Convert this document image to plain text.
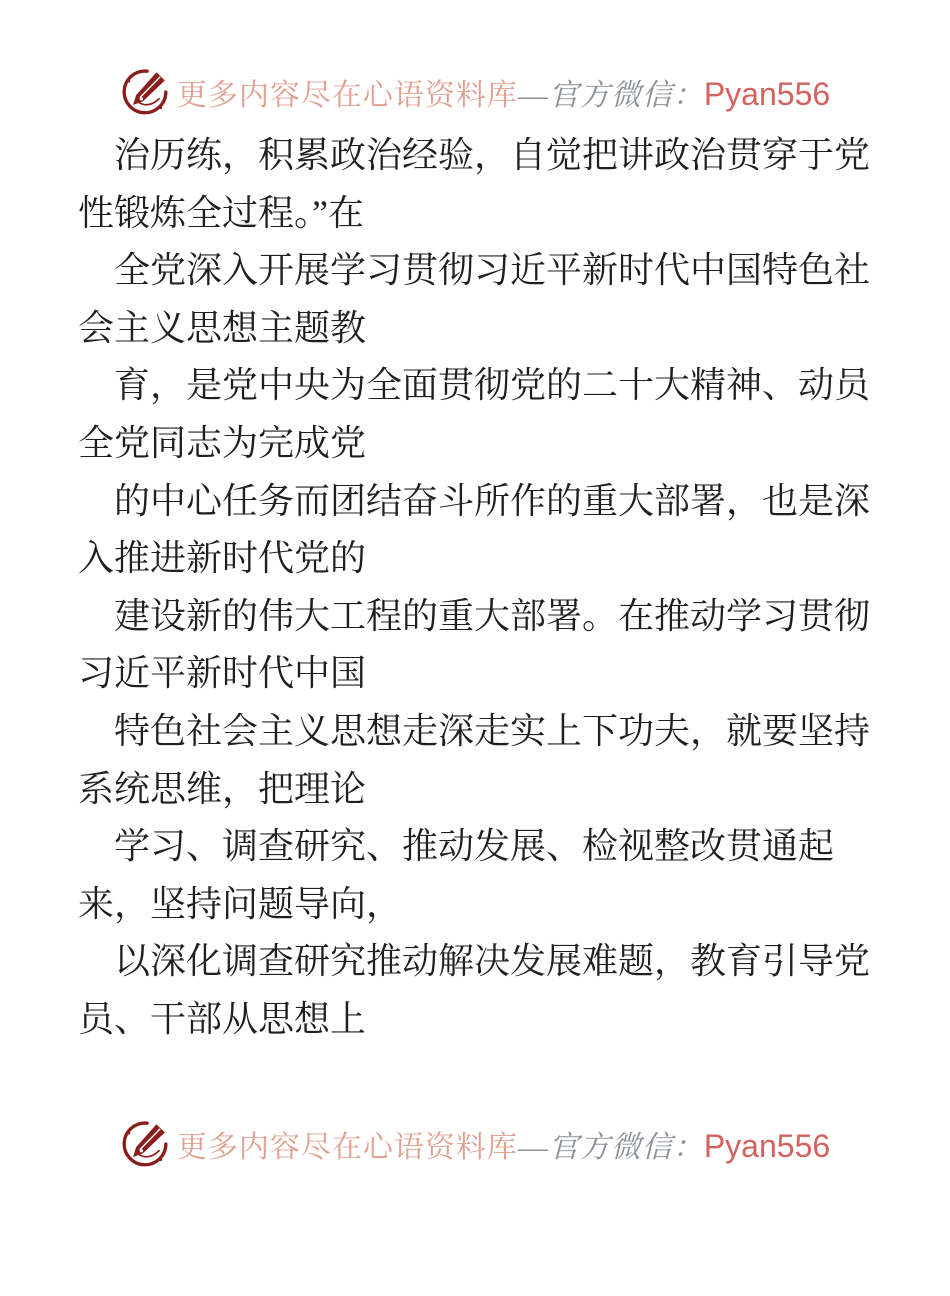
更多内容尽在心语资料库—官方微信：Pyan556
治历练，积累政治经验，自觉把讲政治贯穿于党
性锻炼全过程。”在
全党深入开展学习贯彻习近平新时代中国特色社
会主义思想主题教
育，是党中央为全面贯彻党的二十大精神、动员
全党同志为完成党
的中心任务而团结奋斗所作的重大部署，也是深
入推进新时代党的
建设新的伟大工程的重大部署。在推动学习贯彻
习近平新时代中国
特色社会主义思想走深走实上下功夫，就要坚持
系统思维，把理论
学习、调查研究、推动发展、检视整改贯通起
来，坚持问题导向，
以深化调查研究推动解决发展难题，教育引导党
员、干部从思想上
更多内容尽在心语资料库—官方微信：Pyan556
